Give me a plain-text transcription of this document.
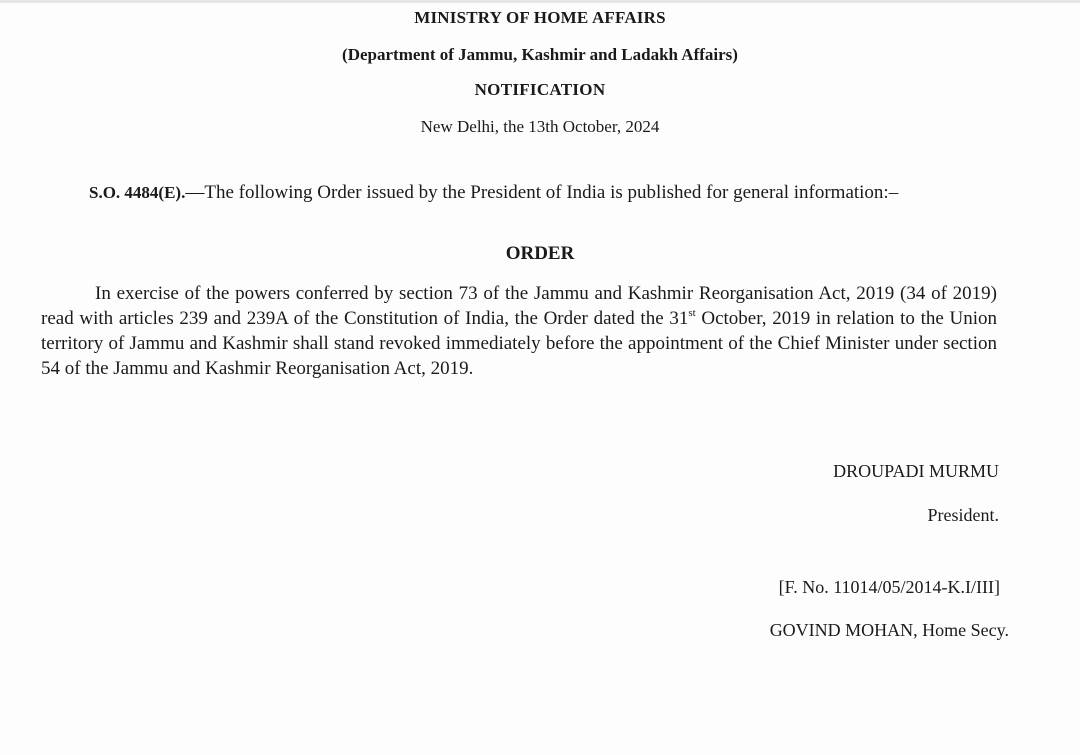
MINISTRY OF HOME AFFAIRS
(Department of Jammu, Kashmir and Ladakh Affairs)
NOTIFICATION
New Delhi, the 13th October, 2024
S.O. 4484(E).—The following Order issued by the President of India is published for general information:–
ORDER
In exercise of the powers conferred by section 73 of the Jammu and Kashmir Reorganisation Act, 2019 (34 of 2019) read with articles 239 and 239A of the Constitution of India, the Order dated the 31st October, 2019 in relation to the Union territory of Jammu and Kashmir shall stand revoked immediately before the appointment of the Chief Minister under section 54 of the Jammu and Kashmir Reorganisation Act, 2019.
DROUPADI MURMU
President.
[F. No. 11014/05/2014-K.I/III]
GOVIND MOHAN, Home Secy.
